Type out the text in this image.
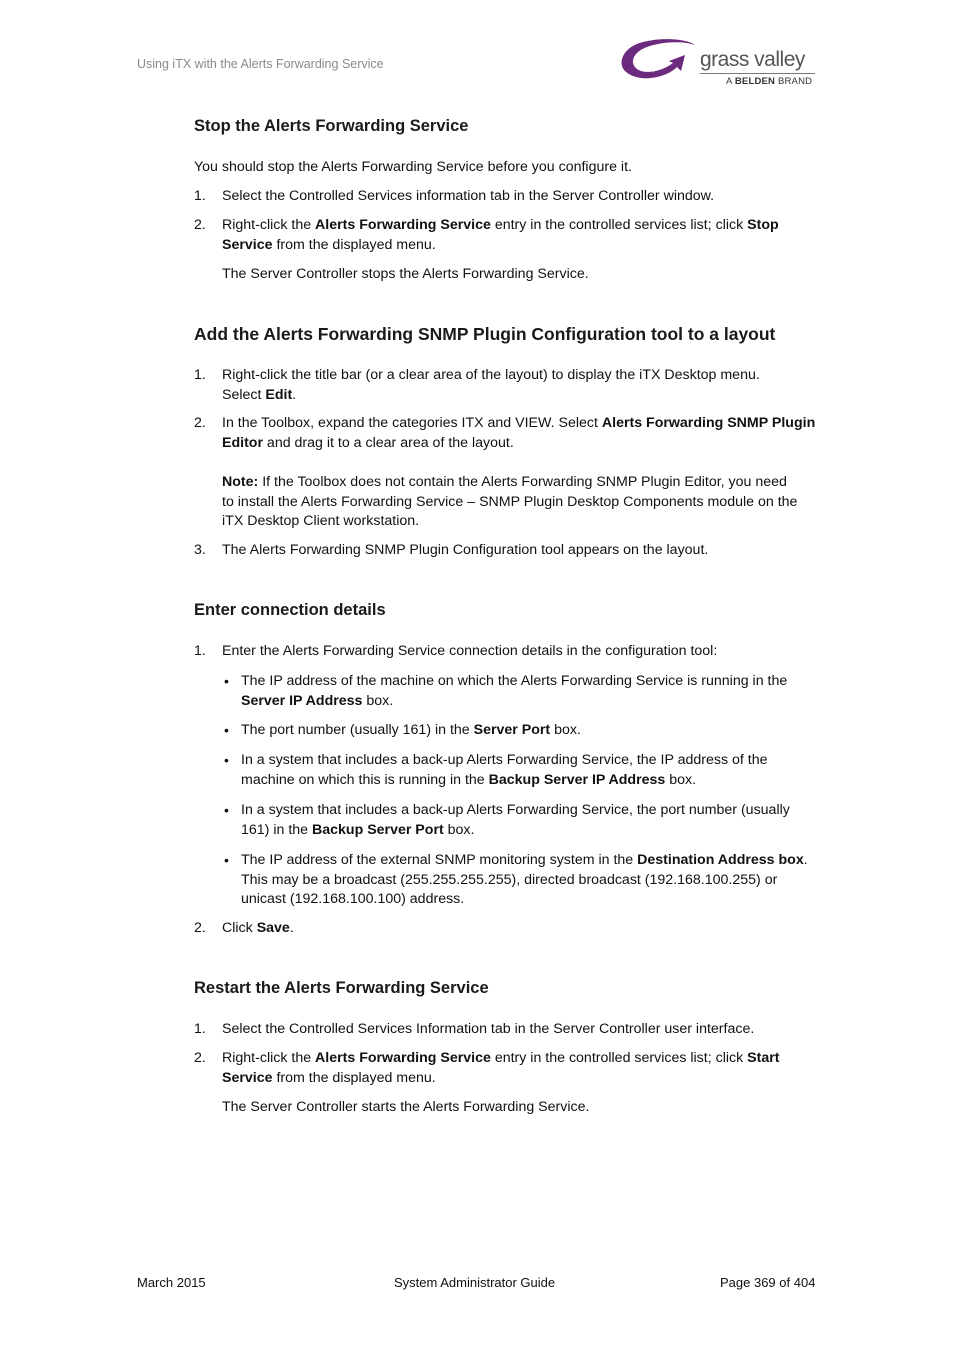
Using iTX with the Alerts Forwarding Service	grass valley
A BELDEN BRAND
Stop the Alerts Forwarding Service

You should stop the Alerts Forwarding Service before you configure it.

1. Select the Controlled Services information tab in the Server Controller window.

2. Right-click the Alerts Forwarding Service entry in the controlled services list; click Stop
Service from the displayed menu.

The Server Controller stops the Alerts Forwarding Service.

Add the Alerts Forwarding SNMP Plugin Configuration tool to a layout
1. Right-click the title bar (or a clear area of the layout) to display the iTX Desktop menu.
Select Edit.

2. In the Toolbox, expand the categories ITX and VIEW. Select Alerts Forwarding SNMP Plugin
Editor and drag it to a clear area of the layout.

Note: If the Toolbox does not contain the Alerts Forwarding SNMP Plugin Editor, you need
to install the Alerts Forwarding Service – SNMP Plugin Desktop Components module on the
iTX Desktop Client workstation.

3. The Alerts Forwarding SNMP Plugin Configuration tool appears on the layout.

Enter connection details
1. Enter the Alerts Forwarding Service connection details in the configuration tool:

• The IP address of the machine on which the Alerts Forwarding Service is running in the
Server IP Address box.

• The port number (usually 161) in the Server Port box.

• In a system that includes a back-up Alerts Forwarding Service, the IP address of the
machine on which this is running in the Backup Server IP Address box.

• In a system that includes a back-up Alerts Forwarding Service, the port number (usually
161) in the Backup Server Port box.

• The IP address of the external SNMP monitoring system in the Destination Address box.
This may be a broadcast (255.255.255.255), directed broadcast (192.168.100.255) or
unicast (192.168.100.100) address.

2. Click Save.

Restart the Alerts Forwarding Service
1. Select the Controlled Services Information tab in the Server Controller user interface.

2. Right-click the Alerts Forwarding Service entry in the controlled services list; click Start
Service from the displayed menu.

The Server Controller starts the Alerts Forwarding Service.

March 2015	System Administrator Guide	Page 369 of 404
